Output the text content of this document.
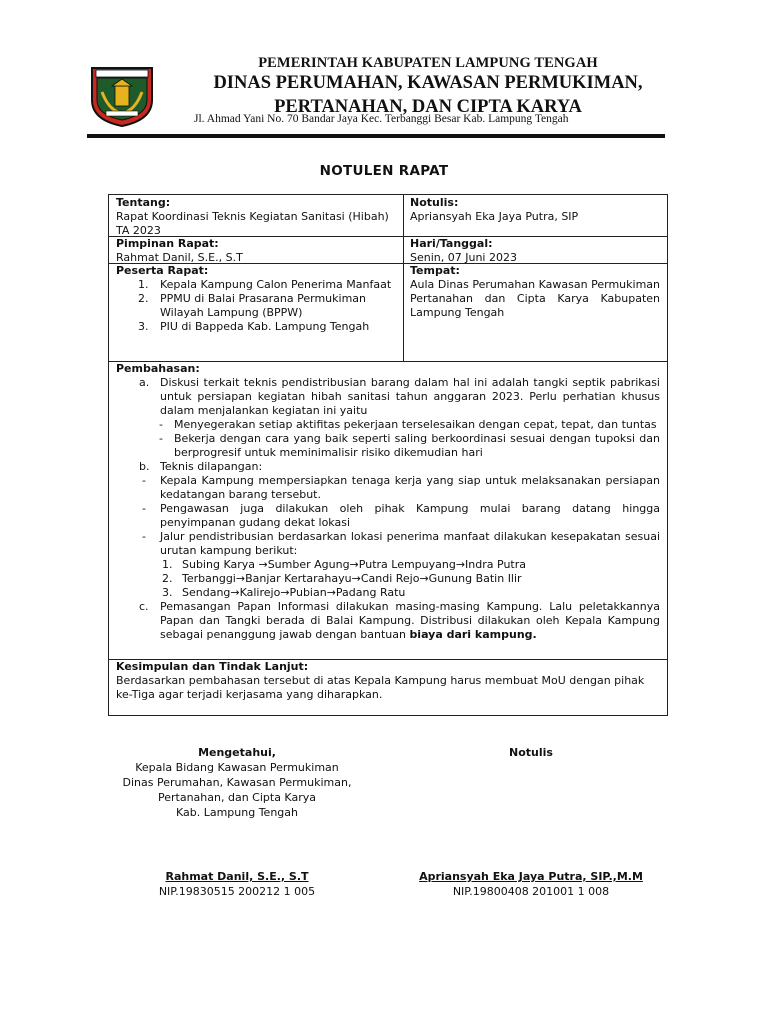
PEMERINTAH KABUPATEN LAMPUNG TENGAH
DINAS PERUMAHAN, KAWASAN PERMUKIMAN,
PERTANAHAN, DAN CIPTA KARYA
Jl. Ahmad Yani No. 70 Bandar Jaya Kec. Terbanggi Besar Kab. Lampung Tengah
NOTULEN RAPAT
Tentang:
Rapat Koordinasi Teknis Kegiatan Sanitasi (Hibah) TA 2023
Notulis:
Apriansyah Eka Jaya Putra, SIP
Pimpinan Rapat:
Rahmat Danil, S.E., S.T
Hari/Tanggal:
Senin, 07 Juni 2023
Peserta Rapat:
1. Kepala Kampung Calon Penerima Manfaat
2. PPMU di Balai Prasarana Permukiman Wilayah Lampung (BPPW)
3. PIU di Bappeda Kab. Lampung Tengah
Tempat:
Aula Dinas Perumahan Kawasan Permukiman Pertanahan dan Cipta Karya Kabupaten Lampung Tengah
Pembahasan:
a. Diskusi terkait teknis pendistribusian barang dalam hal ini adalah tangki septik pabrikasi untuk persiapan kegiatan hibah sanitasi tahun anggaran 2023. Perlu perhatian khusus dalam menjalankan kegiatan ini yaitu
- Menyegerakan setiap aktifitas pekerjaan terselesaikan dengan cepat, tepat, dan tuntas
- Bekerja dengan cara yang baik seperti saling berkoordinasi sesuai dengan tupoksi dan berprogresif untuk meminimalisir risiko dikemudian hari
b. Teknis dilapangan:
- Kepala Kampung mempersiapkan tenaga kerja yang siap untuk melaksanakan persiapan kedatangan barang tersebut.
- Pengawasan juga dilakukan oleh pihak Kampung mulai barang datang hingga penyimpanan gudang dekat lokasi
- Jalur pendistribusian berdasarkan lokasi penerima manfaat dilakukan kesepakatan sesuai urutan kampung berikut:
1. Subing Karya →Sumber Agung→Putra Lempuyang→Indra Putra
2. Terbanggi→Banjar Kertarahayu→Candi Rejo→Gunung Batin Ilir
3. Sendang→Kalirejo→Pubian→Padang Ratu
c. Pemasangan Papan Informasi dilakukan masing-masing Kampung. Lalu peletakkannya Papan dan Tangki berada di Balai Kampung. Distribusi dilakukan oleh Kepala Kampung sebagai penanggung jawab dengan bantuan biaya dari kampung.
Kesimpulan dan Tindak Lanjut:
Berdasarkan pembahasan tersebut di atas Kepala Kampung harus membuat MoU dengan pihak ke-Tiga agar terjadi kerjasama yang diharapkan.
Mengetahui,
Kepala Bidang Kawasan Permukiman
Dinas Perumahan, Kawasan Permukiman,
Pertanahan, dan Cipta Karya
Kab. Lampung Tengah
Rahmat Danil, S.E., S.T
NIP.19830515 200212 1 005
Notulis
Apriansyah Eka Jaya Putra, SIP.,M.M
NIP.19800408 201001 1 008
